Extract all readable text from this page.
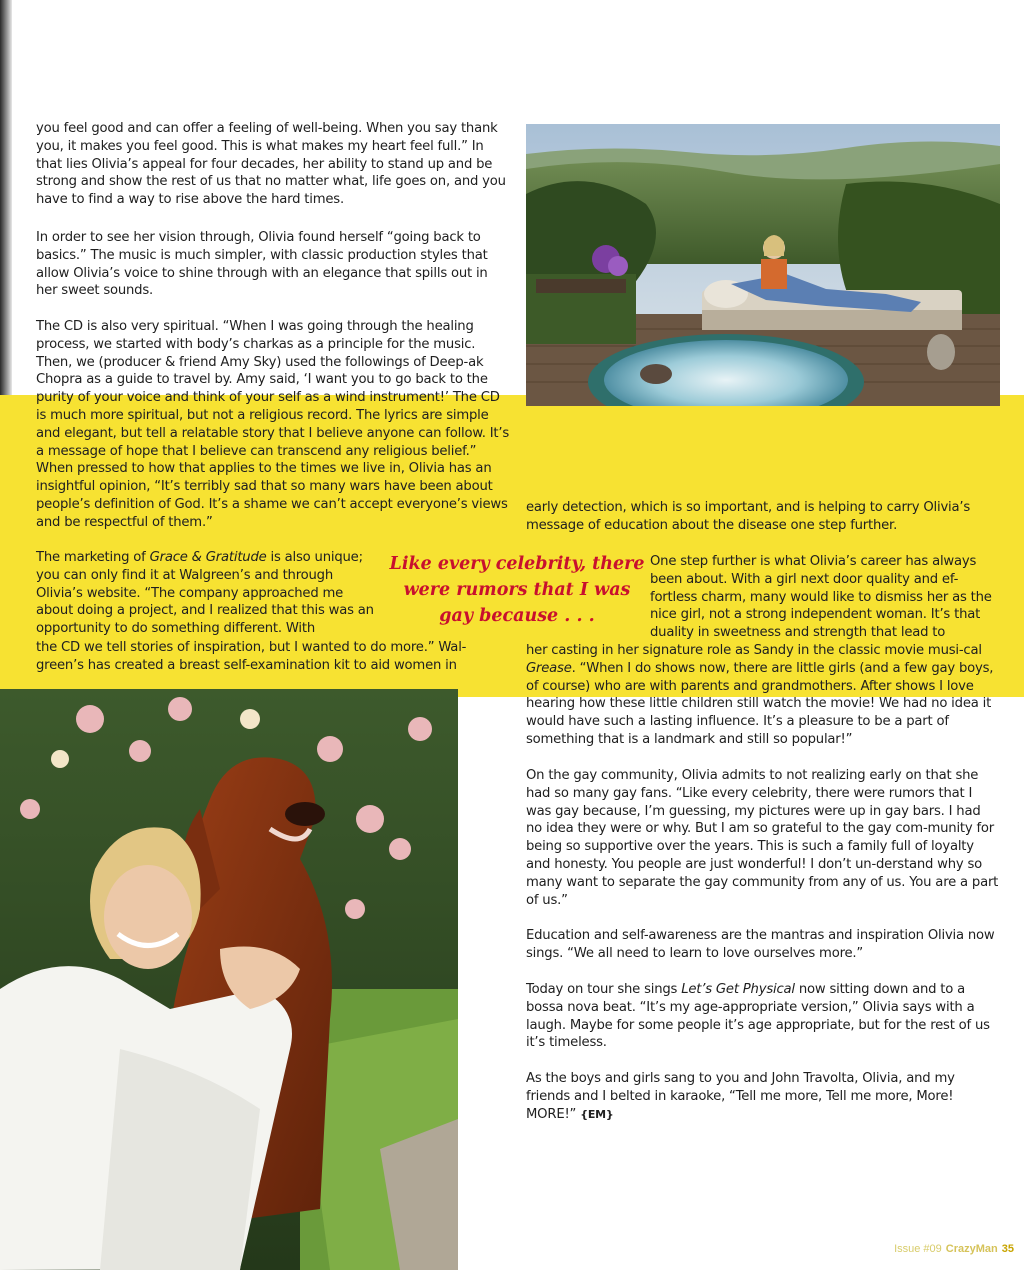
you feel good and can offer a feeling of well-being. When you say thank you, it makes you feel good. This is what makes my heart feel full.” In that lies Olivia’s appeal for four decades, her ability to stand up and be strong and show the rest of us that no matter what, life goes on, and you have to find a way to rise above the hard times.

In order to see her vision through, Olivia found herself “going back to basics.” The music is much simpler, with classic production styles that allow Olivia’s voice to shine through with an elegance that spills out in her sweet sounds.

The CD is also very spiritual. “When I was going through the healing process, we started with body’s charkas as a principle for the music. Then, we (producer & friend Amy Sky) used the followings of Deep-ak Chopra as a guide to travel by. Amy said, ‘I want you to go back to the purity of your voice and think of your self as a wind instrument!’ The CD is much more spiritual, but not a religious record. The lyrics are simple and elegant, but tell a relatable story that I believe anyone can follow. It’s a message of hope that I believe can transcend any religious belief.” When pressed to how that applies to the times we live in, Olivia has an insightful opinion, “It’s terribly sad that so many wars have been about people’s definition of God. It’s a shame we can’t accept everyone’s views and be respectful of them.”

The marketing of Grace & Gratitude is also unique; you can only find it at Walgreen’s and through Olivia’s website. “The company approached me about doing a project, and I realized that this was an opportunity to do something different. With

the CD we tell stories of inspiration, but I wanted to do more.” Wal-green’s has created a breast self-examination kit to aid women in

Like every celebrity, there were rumors that I was gay because . . .

early detection, which is so important, and is helping to carry Olivia’s message of education about the disease one step further.

One step further is what Olivia’s career has always been about. With a girl next door quality and ef-fortless charm, many would like to dismiss her as the nice girl, not a strong independent woman. It’s that duality in sweetness and strength that lead to

her casting in her signature role as Sandy in the classic movie musi-cal Grease. “When I do shows now, there are little girls (and a few gay boys, of course) who are with parents and grandmothers. After shows I love hearing how these little children still watch the movie! We had no idea it would have such a lasting influence. It’s a pleasure to be a part of something that is a landmark and still so popular!”

On the gay community, Olivia admits to not realizing early on that she had so many gay fans. “Like every celebrity, there were rumors that I was gay because, I’m guessing, my pictures were up in gay bars. I had no idea they were or why. But I am so grateful to the gay com-munity for being so supportive over the years. This is such a family full of loyalty and honesty. You people are just wonderful! I don’t un-derstand why so many want to separate the gay community from any of us. You are a part of us.”

Education and self-awareness are the mantras and inspiration Olivia now sings. “We all need to learn to love ourselves more.”

Today on tour she sings Let’s Get Physical now sitting down and to a bossa nova beat. “It’s my age-appropriate version,” Olivia says with a laugh. Maybe for some people it’s age appropriate, but for the rest of us it’s timeless.

As the boys and girls sang to you and John Travolta, Olivia, and my friends and I belted in karaoke, “Tell me more, Tell me more, More! MORE!” {EM}

Issue #09 CrazyMan 35
